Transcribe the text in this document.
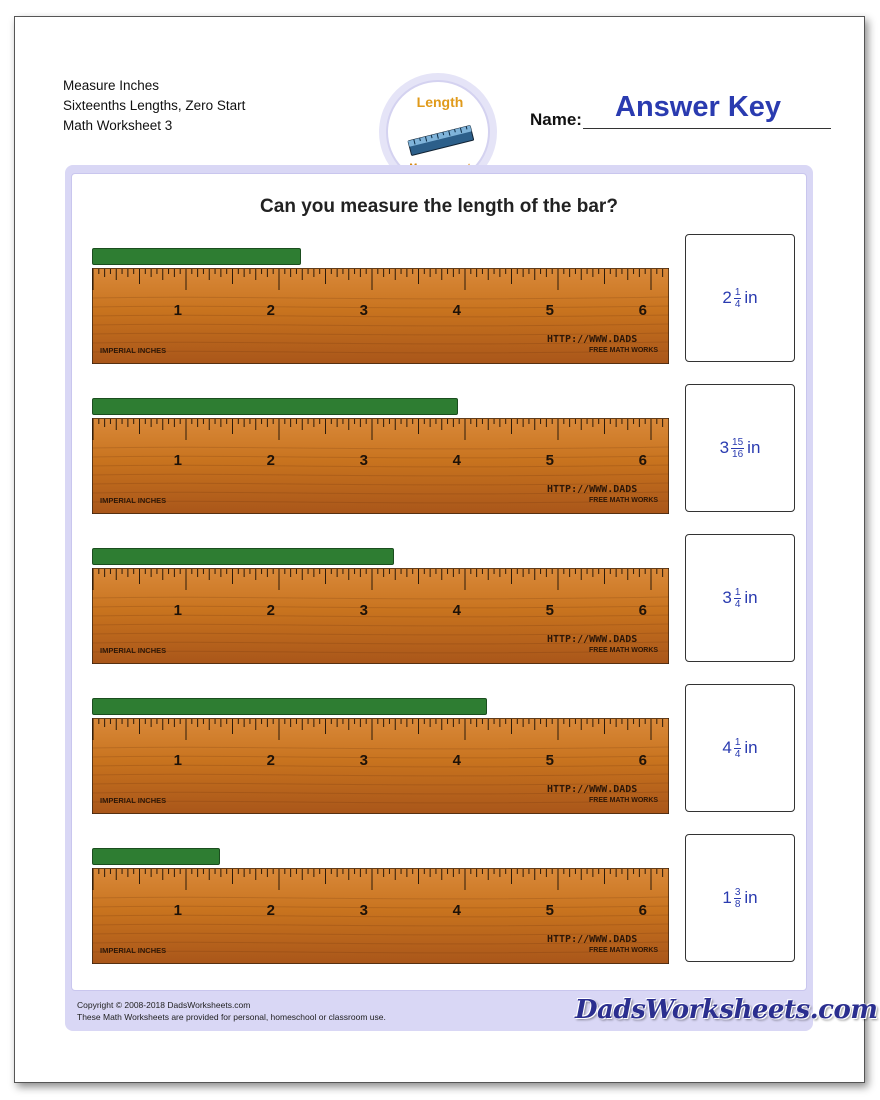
Measure Inches
Sixteenths Lengths, Zero Start
Math Worksheet 3
Length	Answer Key
Name:
Can you measure the length of the bar?
1	2	3	4	5	6
IMPERIAL INCHES
HTTP://WWW.DADS
FREE MATH WORKS
$2 \frac{1}{4}$ in
1	2	3	4	5	6
IMPERIAL INCHES
HTTP://WWW.DADS
FREE MATH WORKS
$3 \frac{15}{16}$ in
1	2	3	4	5	6
IMPERIAL INCHES
HTTP://WWW.DADS
FREE MATH WORKS
$3 \frac{1}{4}$ in
1	2	3	4	5	6
IMPERIAL INCHES
HTTP://WWW.DADS
FREE MATH WORKS
$4 \frac{1}{4}$ in
1	2	3	4	5	6
IMPERIAL INCHES
HTTP://WWW.DADS
FREE MATH WORKS
$1 \frac{3}{8}$ in
Copyright © 2008-2018 DadsWorksheets.com
These Math Worksheets are provided for personal, homeschool or classroom use.	DadsWorksheets.com
